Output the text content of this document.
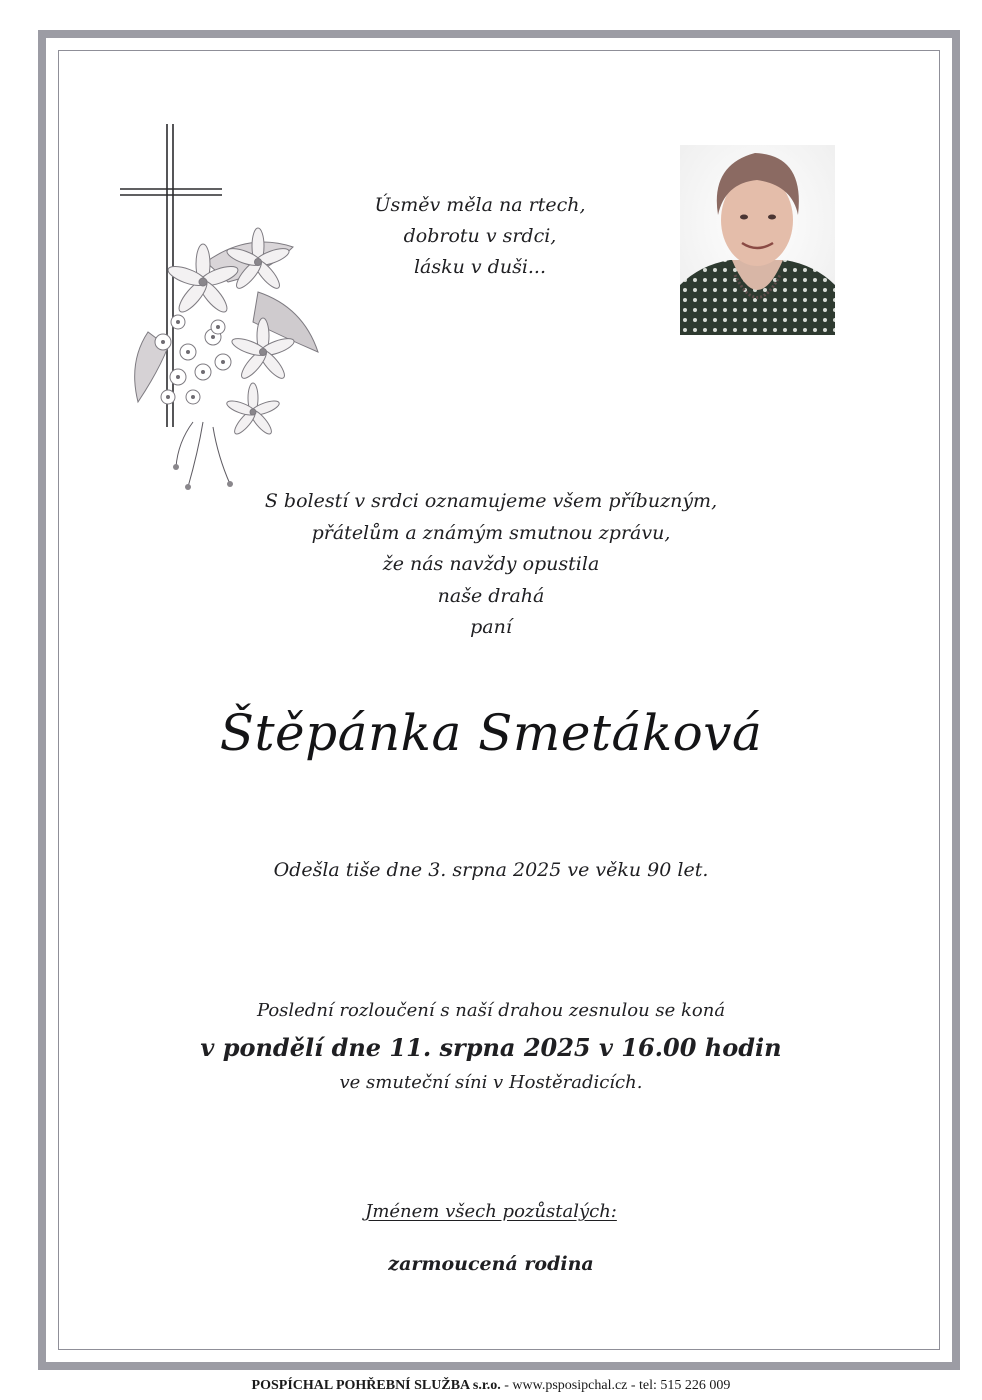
Úsměv měla na rtech,
dobrotu v srdci,
lásku v duši...

S bolestí v srdci oznamujeme všem příbuzným,
přátelům a známým smutnou zprávu,
že nás navždy opustila
naše drahá
paní

Štěpánka Smetáková

Odešla tiše dne 3. srpna 2025 ve věku 90 let.

Poslední rozloučení s naší drahou zesnulou se koná

v pondělí dne 11. srpna 2025 v 16.00 hodin

ve smuteční síni v Hostěradicích.

Jménem všech pozůstalých:

zarmoucená rodina

POSPÍCHAL POHŘEBNÍ SLUŽBA s.r.o. - www.psposipchal.cz - tel: 515 226 009
